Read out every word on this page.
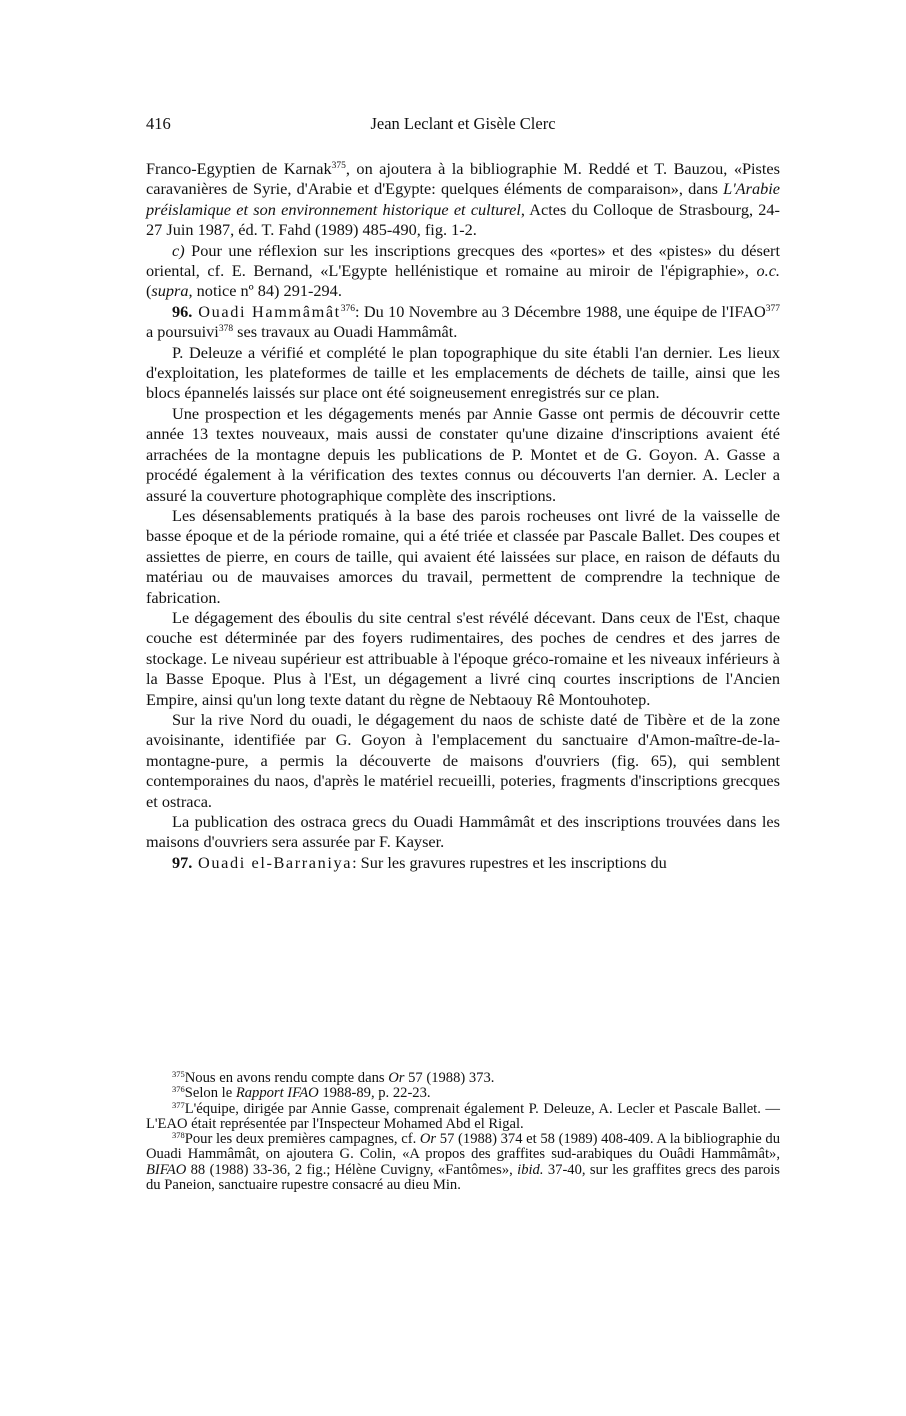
416	Jean Leclant et Gisèle Clerc

Franco-Egyptien de Karnak$^{375}$, on ajoutera à la bibliographie M. Reddé et T. Bauzou, «Pistes caravanières de Syrie, d'Arabie et d'Egypte: quelques éléments de comparaison», dans L'Arabie préislamique et son environnement historique et culturel, Actes du Colloque de Strasbourg, 24-27 Juin 1987, éd. T. Fahd (1989) 485-490, fig. 1-2.

c) Pour une réflexion sur les inscriptions grecques des «portes» et des «pistes» du désert oriental, cf. E. Bernand, «L'Egypte hellénistique et romaine au miroir de l'épigraphie», o.c. (supra, notice nº 84) 291-294.

96. Ouadi Hammâmât$^{376}$: Du 10 Novembre au 3 Décembre 1988, une équipe de l'IFAO$^{377}$ a poursuivi$^{378}$ ses travaux au Ouadi Hammâmât.

P. Deleuze a vérifié et complété le plan topographique du site établi l'an dernier. Les lieux d'exploitation, les plateformes de taille et les emplacements de déchets de taille, ainsi que les blocs épannelés laissés sur place ont été soigneusement enregistrés sur ce plan.

Une prospection et les dégagements menés par Annie Gasse ont permis de découvrir cette année 13 textes nouveaux, mais aussi de constater qu'une dizaine d'inscriptions avaient été arrachées de la montagne depuis les publications de P. Montet et de G. Goyon. A. Gasse a procédé également à la vérification des textes connus ou découverts l'an dernier. A. Lecler a assuré la couverture photographique complète des inscriptions.

Les désensablements pratiqués à la base des parois rocheuses ont livré de la vaisselle de basse époque et de la période romaine, qui a été triée et classée par Pascale Ballet. Des coupes et assiettes de pierre, en cours de taille, qui avaient été laissées sur place, en raison de défauts du matériau ou de mauvaises amorces du travail, permettent de comprendre la technique de fabrication.

Le dégagement des éboulis du site central s'est révélé décevant. Dans ceux de l'Est, chaque couche est déterminée par des foyers rudimentaires, des poches de cendres et des jarres de stockage. Le niveau supérieur est attribuable à l'époque gréco-romaine et les niveaux inférieurs à la Basse Epoque. Plus à l'Est, un dégagement a livré cinq courtes inscriptions de l'Ancien Empire, ainsi qu'un long texte datant du règne de Nebtaouy Rê Montouhotep.

Sur la rive Nord du ouadi, le dégagement du naos de schiste daté de Tibère et de la zone avoisinante, identifiée par G. Goyon à l'emplacement du sanctuaire d'Amon-maître-de-la-montagne-pure, a permis la découverte de maisons d'ouvriers (fig. 65), qui semblent contemporaines du naos, d'après le matériel recueilli, poteries, fragments d'inscriptions grecques et ostraca.

La publication des ostraca grecs du Ouadi Hammâmât et des inscriptions trouvées dans les maisons d'ouvriers sera assurée par F. Kayser.

97. Ouadi el-Barraniya: Sur les gravures rupestres et les inscriptions du

$^{375}$Nous en avons rendu compte dans Or 57 (1988) 373.

$^{376}$Selon le Rapport IFAO 1988-89, p. 22-23.

$^{377}$L'équipe, dirigée par Annie Gasse, comprenait également P. Deleuze, A. Lecler et Pascale Ballet. — L'EAO était représentée par l'Inspecteur Mohamed Abd el Rigal.

$^{378}$Pour les deux premières campagnes, cf. Or 57 (1988) 374 et 58 (1989) 408-409. A la bibliographie du Ouadi Hammâmât, on ajoutera G. Colin, «A propos des graffites sud-arabiques du Ouâdi Hammâmât», BIFAO 88 (1988) 33-36, 2 fig.; Hélène Cuvigny, «Fantômes», ibid. 37-40, sur les graffites grecs des parois du Paneion, sanctuaire rupestre consacré au dieu Min.
